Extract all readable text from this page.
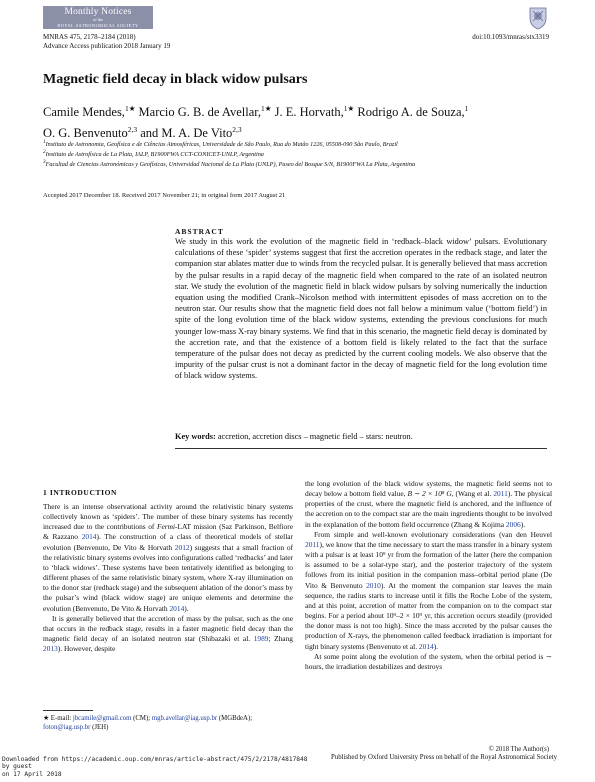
Monthly Notices
of the
ROYAL ASTRONOMICAL SOCIETY
MNRAS 475, 2178–2184 (2018)
Advance Access publication 2018 January 19
doi:10.1093/mnras/stx3319
Magnetic field decay in black widow pulsars
Camile Mendes,$^{1★}$ Marcio G. B. de Avellar,$^{1★}$ J. E. Horvath,$^{1★}$ Rodrigo A. de Souza,$^1$
O. G. Benvenuto$^{2,3}$ and M. A. De Vito$^{2,3}$
$^1$Instituto de Astronomia, Geofísica e de Ciências Atmosféricas, Universidade de São Paulo, Rua do Matão 1226, 05508-090 São Paulo, Brazil
$^2$Instituto de Astrofísica de La Plata, IALP, B1900FWA CCT-CONICET-UNLP, Argentina
$^3$Facultad de Ciencias Astronómicas y Geofísicas, Universidad Nacional de La Plata (UNLP), Paseo del Bosque S/N, B1900FWA La Plata, Argentina
Accepted 2017 December 18. Received 2017 November 21; in original form 2017 August 21
ABSTRACT
We study in this work the evolution of the magnetic field in ‘redback–black widow’ pulsars. Evolutionary calculations of these ‘spider’ systems suggest that first the accretion operates in the redback stage, and later the companion star ablates matter due to winds from the recycled pulsar. It is generally believed that mass accretion by the pulsar results in a rapid decay of the magnetic field when compared to the rate of an isolated neutron star. We study the evolution of the magnetic field in black widow pulsars by solving numerically the induction equation using the modified Crank–Nicolson method with intermittent episodes of mass accretion on to the neutron star. Our results show that the magnetic field does not fall below a minimum value (‘bottom field’) in spite of the long evolution time of the black widow systems, extending the previous conclusions for much younger low-mass X-ray binary systems. We find that in this scenario, the magnetic field decay is dominated by the accretion rate, and that the existence of a bottom field is likely related to the fact that the surface temperature of the pulsar does not decay as predicted by the current cooling models. We also observe that the impurity of the pulsar crust is not a dominant factor in the decay of magnetic field for the long evolution time of black widow systems.
Key words: accretion, accretion discs – magnetic field – stars: neutron.
1 INTRODUCTION

There is an intense observational activity around the relativistic binary systems collectively known as ‘spiders’. The number of these binary systems has recently increased due to the contributions of Fermi-LAT mission (Saz Parkinson, Belfiore & Razzano 2014). The construction of a class of theoretical models of stellar evolution (Benvenuto, De Vito & Horvath 2012) suggests that a small fraction of the relativistic binary systems evolves into configurations called ‘redbacks’ and later to ‘black widows’. These systems have been tentatively identified as belonging to different phases of the same relativistic binary system, where X-ray illumination on to the donor star (redback stage) and the subsequent ablation of the donor’s mass by the pulsar’s wind (black widow stage) are unique elements and determine the evolution (Benvenuto, De Vito & Horvath 2014).

It is generally believed that the accretion of mass by the pulsar, such as the one that occurs in the redback stage, results in a faster magnetic field decay than the magnetic field decay of an isolated neutron star (Shibazaki et al. 1989; Zhang 2013). However, despite

the long evolution of the black widow systems, the magnetic field seems not to decay below a bottom field value, B ∼ 2 × 10⁸ G, (Wang et al. 2011). The physical properties of the crust, where the magnetic field is anchored, and the influence of the accretion on to the compact star are the main ingredients thought to be involved in the explanation of the bottom field occurrence (Zhang & Kojima 2006).

From simple and well-known evolutionary considerations (van den Heuvel 2011), we know that the time necessary to start the mass transfer in a binary system with a pulsar is at least 10⁹ yr from the formation of the latter (here the companion is assumed to be a solar-type star), and the posterior trajectory of the system follows from its initial position in the companion mass–orbital period plane (De Vito & Benvenuto 2010). At the moment the companion star leaves the main sequence, the radius starts to increase until it fills the Roche Lobe of the system, and at this point, accretion of matter from the companion on to the compact star begins. For a period about 10⁹–2 × 10⁹ yr, this accretion occurs steadily (provided the donor mass is not too high). Since the mass accreted by the pulsar causes the production of X-rays, the phenomenon called feedback irradiation is important for tight binary systems (Benvenuto et al. 2014).

At some point along the evolution of the system, when the orbital period is ∼ hours, the irradiation destabilizes and destroys

★ E-mail: jbcamile@gmail.com (CM); mgb.avellar@iag.usp.br (MGBdeA); foton@iag.usp.br (JEH)
© 2018 The Author(s)
Published by Oxford University Press on behalf of the Royal Astronomical Society
Downloaded from https://academic.oup.com/mnras/article-abstract/475/2/2178/4817848
by guest
on 17 April 2018
